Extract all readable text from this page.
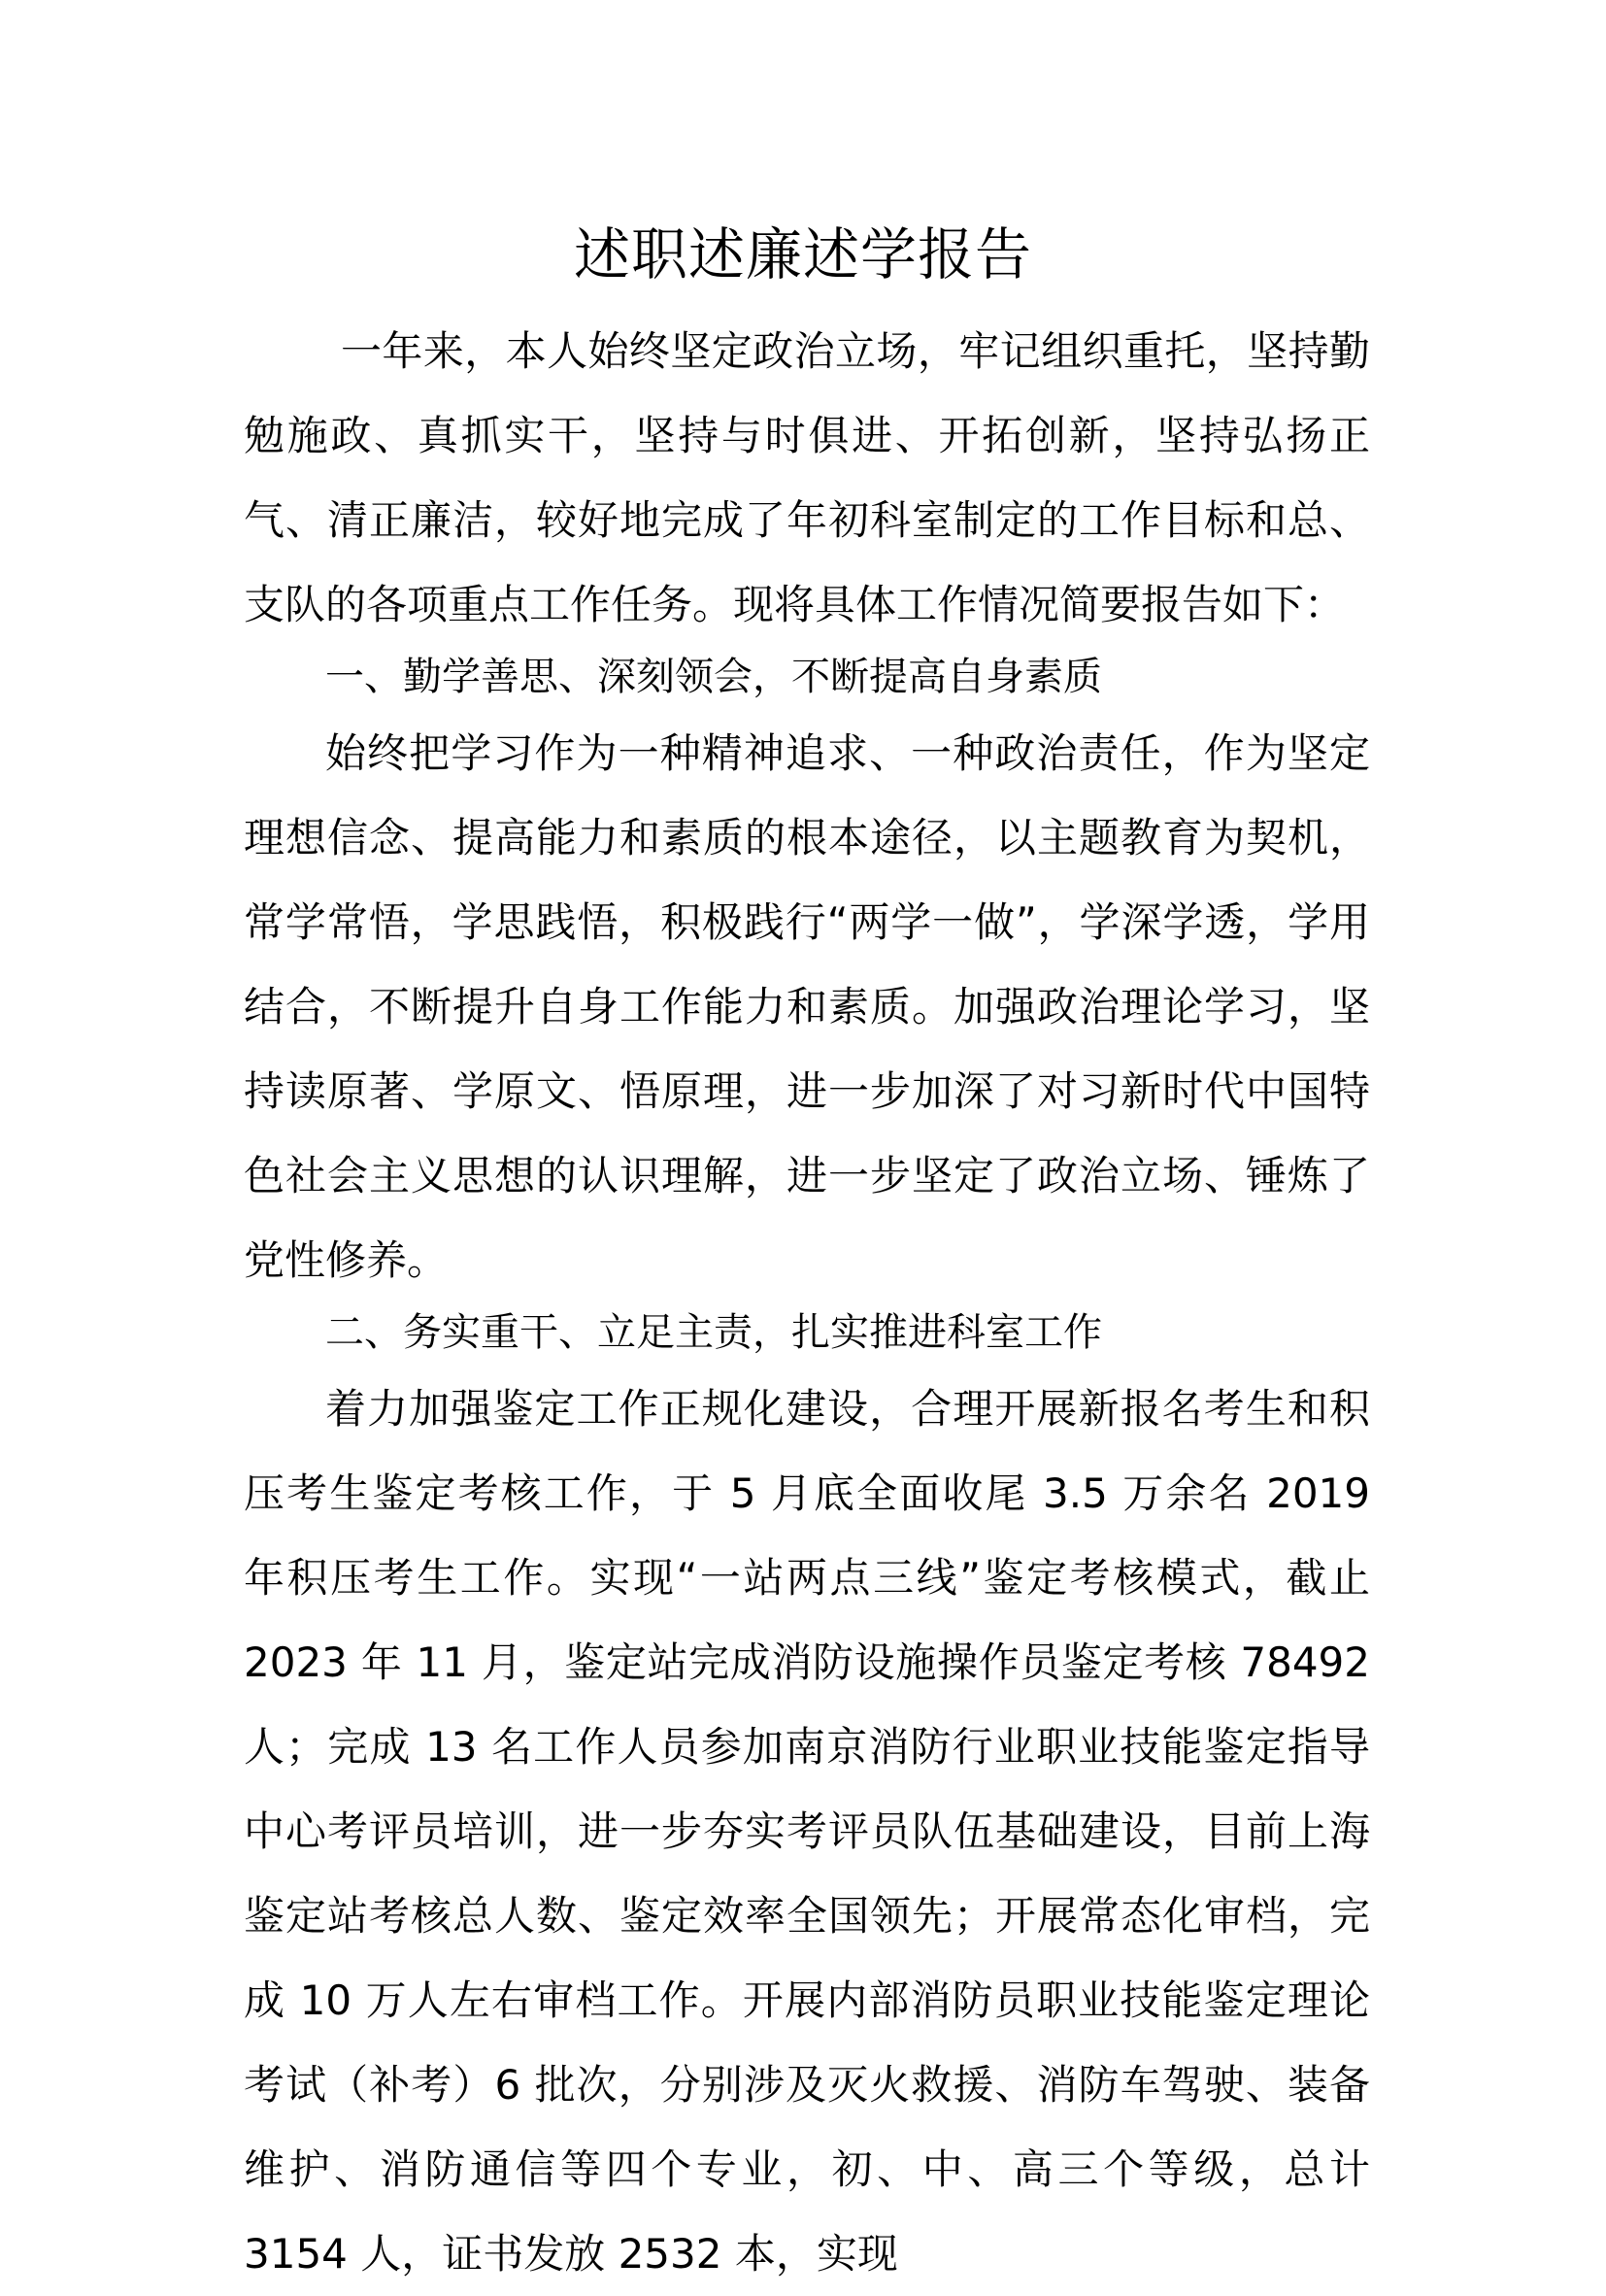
述职述廉述学报告

一年来，本人始终坚定政治立场，牢记组织重托，坚持勤勉施政、真抓实干，坚持与时俱进、开拓创新，坚持弘扬正气、清正廉洁，较好地完成了年初科室制定的工作目标和总、支队的各项重点工作任务。现将具体工作情况简要报告如下：

一、勤学善思、深刻领会，不断提高自身素质

始终把学习作为一种精神追求、一种政治责任，作为坚定理想信念、提高能力和素质的根本途径，以主题教育为契机，常学常悟，学思践悟，积极践行“两学一做”，学深学透，学用结合，不断提升自身工作能力和素质。加强政治理论学习，坚持读原著、学原文、悟原理，进一步加深了对习新时代中国特色社会主义思想的认识理解，进一步坚定了政治立场、锤炼了党性修养。

二、务实重干、立足主责，扎实推进科室工作

着力加强鉴定工作正规化建设，合理开展新报名考生和积压考生鉴定考核工作，于 5 月底全面收尾 3.5 万余名 2019 年积压考生工作。实现“一站两点三线”鉴定考核模式，截止 2023 年 11 月，鉴定站完成消防设施操作员鉴定考核 78492 人；完成 13 名工作人员参加南京消防行业职业技能鉴定指导中心考评员培训，进一步夯实考评员队伍基础建设，目前上海鉴定站考核总人数、鉴定效率全国领先；开展常态化审档，完成 10 万人左右审档工作。开展内部消防员职业技能鉴定理论考试（补考）6 批次，分别涉及灭火救援、消防车驾驶、装备维护、消防通信等四个专业，初、中、高三个等级，总计 3154 人，证书发放 2532 本，实现
